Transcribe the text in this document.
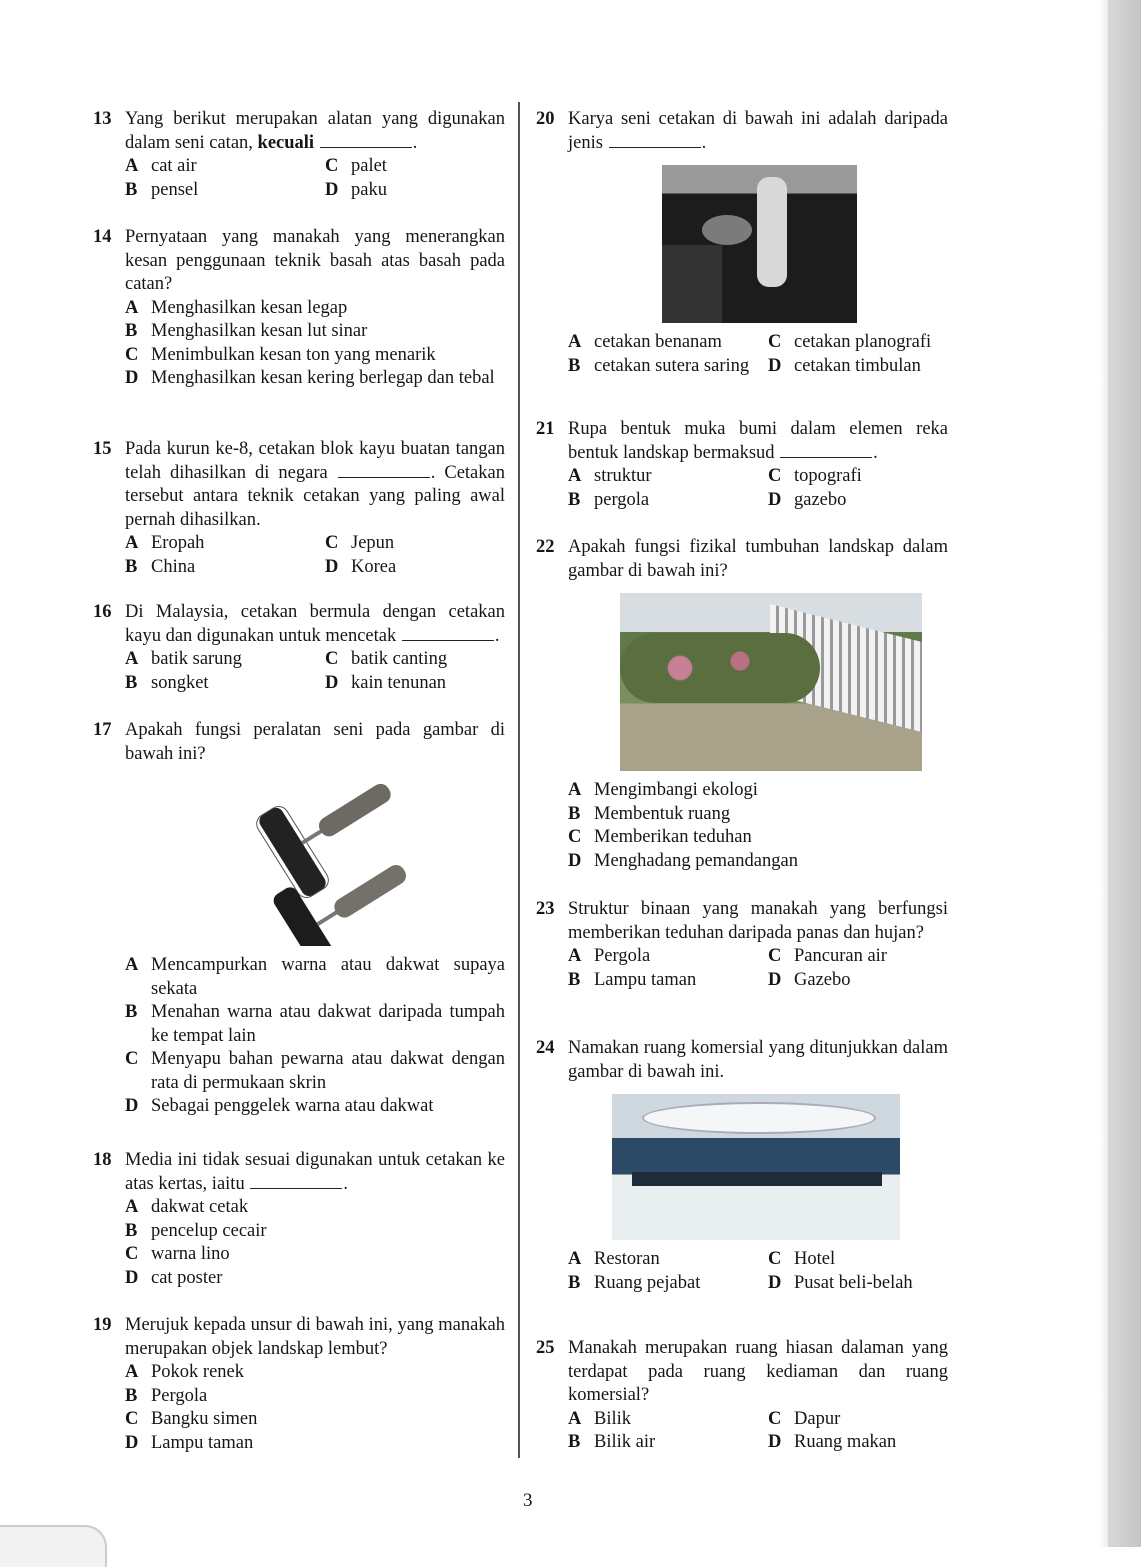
13 Yang berikut merupakan alatan yang digunakan dalam seni catan, kecuali	.
A cat air
B pensel
C palet
D paku
14 Pernyataan yang manakah yang menerangkan kesan penggunaan teknik basah atas basah pada catan?
A Menghasilkan kesan legap
B Menghasilkan kesan lut sinar
C Menimbulkan kesan ton yang menarik
D Menghasilkan kesan kering berlegap dan tebal
15 Pada kurun ke-8, cetakan blok kayu buatan tangan telah dihasilkan di negara	. Cetakan tersebut antara teknik cetakan yang paling awal pernah dihasilkan.
A Eropah
B China
C Jepun
D Korea
16 Di Malaysia, cetakan bermula dengan cetakan kayu dan digunakan untuk mencetak	.
A batik sarung
B songket
C batik canting
D kain tenunan
17 Apakah fungsi peralatan seni pada gambar di bawah ini?
A Mencampurkan warna atau dakwat supaya sekata
B Menahan warna atau dakwat daripada tumpah ke tempat lain
C Menyapu bahan pewarna atau dakwat dengan rata di permukaan skrin
D Sebagai penggelek warna atau dakwat
18 Media ini tidak sesuai digunakan untuk cetakan ke atas kertas, iaitu	.
A dakwat cetak
B pencelup cecair
C warna lino
D cat poster
19 Merujuk kepada unsur di bawah ini, yang manakah merupakan objek landskap lembut?
A Pokok renek
B Pergola
C Bangku simen
D Lampu taman
20 Karya seni cetakan di bawah ini adalah daripada jenis	.
A cetakan benanam
B cetakan sutera saring
C cetakan planografi
D cetakan timbulan
21 Rupa bentuk muka bumi dalam elemen reka bentuk landskap bermaksud	.
A struktur
B pergola
C topografi
D gazebo
22 Apakah fungsi fizikal tumbuhan landskap dalam gambar di bawah ini?
A Mengimbangi ekologi
B Membentuk ruang
C Memberikan teduhan
D Menghadang pemandangan
23 Struktur binaan yang manakah yang berfungsi memberikan teduhan daripada panas dan hujan?
A Pergola
B Lampu taman
C Pancuran air
D Gazebo
24 Namakan ruang komersial yang ditunjukkan dalam gambar di bawah ini.
A Restoran
B Ruang pejabat
C Hotel
D Pusat beli-belah
25 Manakah merupakan ruang hiasan dalaman yang terdapat pada ruang kediaman dan ruang komersial?
A Bilik
B Bilik air
C Dapur
D Ruang makan
3
